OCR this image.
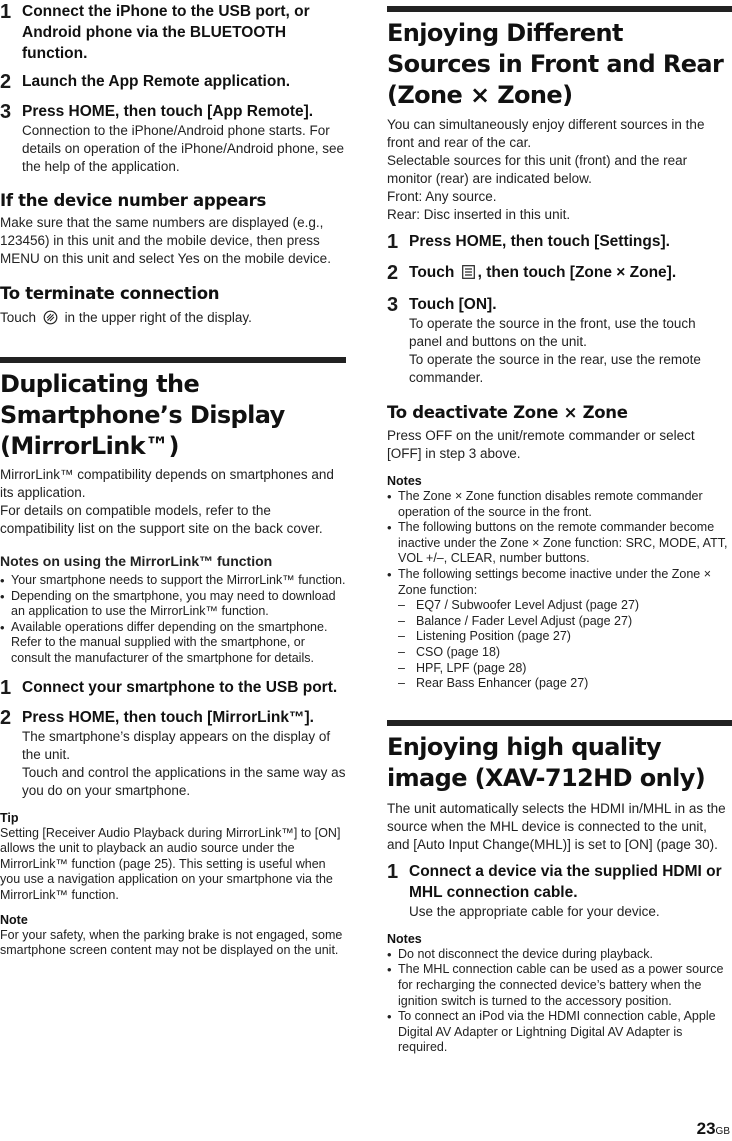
1 Connect the iPhone to the USB port, or Android phone via the BLUETOOTH function.
2 Launch the App Remote application.
3 Press HOME, then touch [App Remote].
Connection to the iPhone/Android phone starts. For details on operation of the iPhone/Android phone, see the help of the application.
If the device number appears

Make sure that the same numbers are displayed (e.g., 123456) in this unit and the mobile device, then press MENU on this unit and select Yes on the mobile device.

To terminate connection

Touch in the upper right of the display.

Duplicating the Smartphone’s Display (MirrorLink™)

MirrorLink™ compatibility depends on smartphones and its application.

For details on compatible models, refer to the compatibility list on the support site on the back cover.

Notes on using the MirrorLink™ function
• Your smartphone needs to support the MirrorLink™ function.
• Depending on the smartphone, you may need to download an application to use the MirrorLink™ function.
• Available operations differ depending on the smartphone. Refer to the manual supplied with the smartphone, or consult the manufacturer of the smartphone for details.
1 Connect your smartphone to the USB port.
2 Press HOME, then touch [MirrorLink™].
The smartphone’s display appears on the display of the unit.
Touch and control the applications in the same way as you do on your smartphone.
Tip
Setting [Receiver Audio Playback during MirrorLink™] to [ON] allows the unit to playback an audio source under the MirrorLink™ function (page 25). This setting is useful when you use a navigation application on your smartphone via the MirrorLink™ function.
Note
For your safety, when the parking brake is not engaged, some smartphone screen content may not be displayed on the unit.
Enjoying Different Sources in Front and Rear (Zone × Zone)

You can simultaneously enjoy different sources in the front and rear of the car.

Selectable sources for this unit (front) and the rear monitor (rear) are indicated below.

Front: Any source.

Rear: Disc inserted in this unit.

1 Press HOME, then touch [Settings].
2 Touch , then touch [Zone × Zone].
3 Touch [ON].
To operate the source in the front, use the touch panel and buttons on the unit.
To operate the source in the rear, use the remote commander.
To deactivate Zone × Zone

Press OFF on the unit/remote commander or select [OFF] in step 3 above.

Notes
• The Zone × Zone function disables remote commander operation of the source in the front.
• The following buttons on the remote commander become inactive under the Zone × Zone function: SRC, MODE, ATT, VOL +/–, CLEAR, number buttons.
• The following settings become inactive under the Zone × Zone function:
– EQ7 / Subwoofer Level Adjust (page 27)
– Balance / Fader Level Adjust (page 27)
– Listening Position (page 27)
– CSO (page 18)
– HPF, LPF (page 28)
– Rear Bass Enhancer (page 27)
Enjoying high quality image (XAV-712HD only)

The unit automatically selects the HDMI in/MHL in as the source when the MHL device is connected to the unit, and [Auto Input Change(MHL)] is set to [ON] (page 30).

1 Connect a device via the supplied HDMI or MHL connection cable.
Use the appropriate cable for your device.
Notes
• Do not disconnect the device during playback.
• The MHL connection cable can be used as a power source for recharging the connected device’s battery when the ignition switch is turned to the accessory position.
• To connect an iPod via the HDMI connection cable, Apple Digital AV Adapter or Lightning Digital AV Adapter is required.
23GB
